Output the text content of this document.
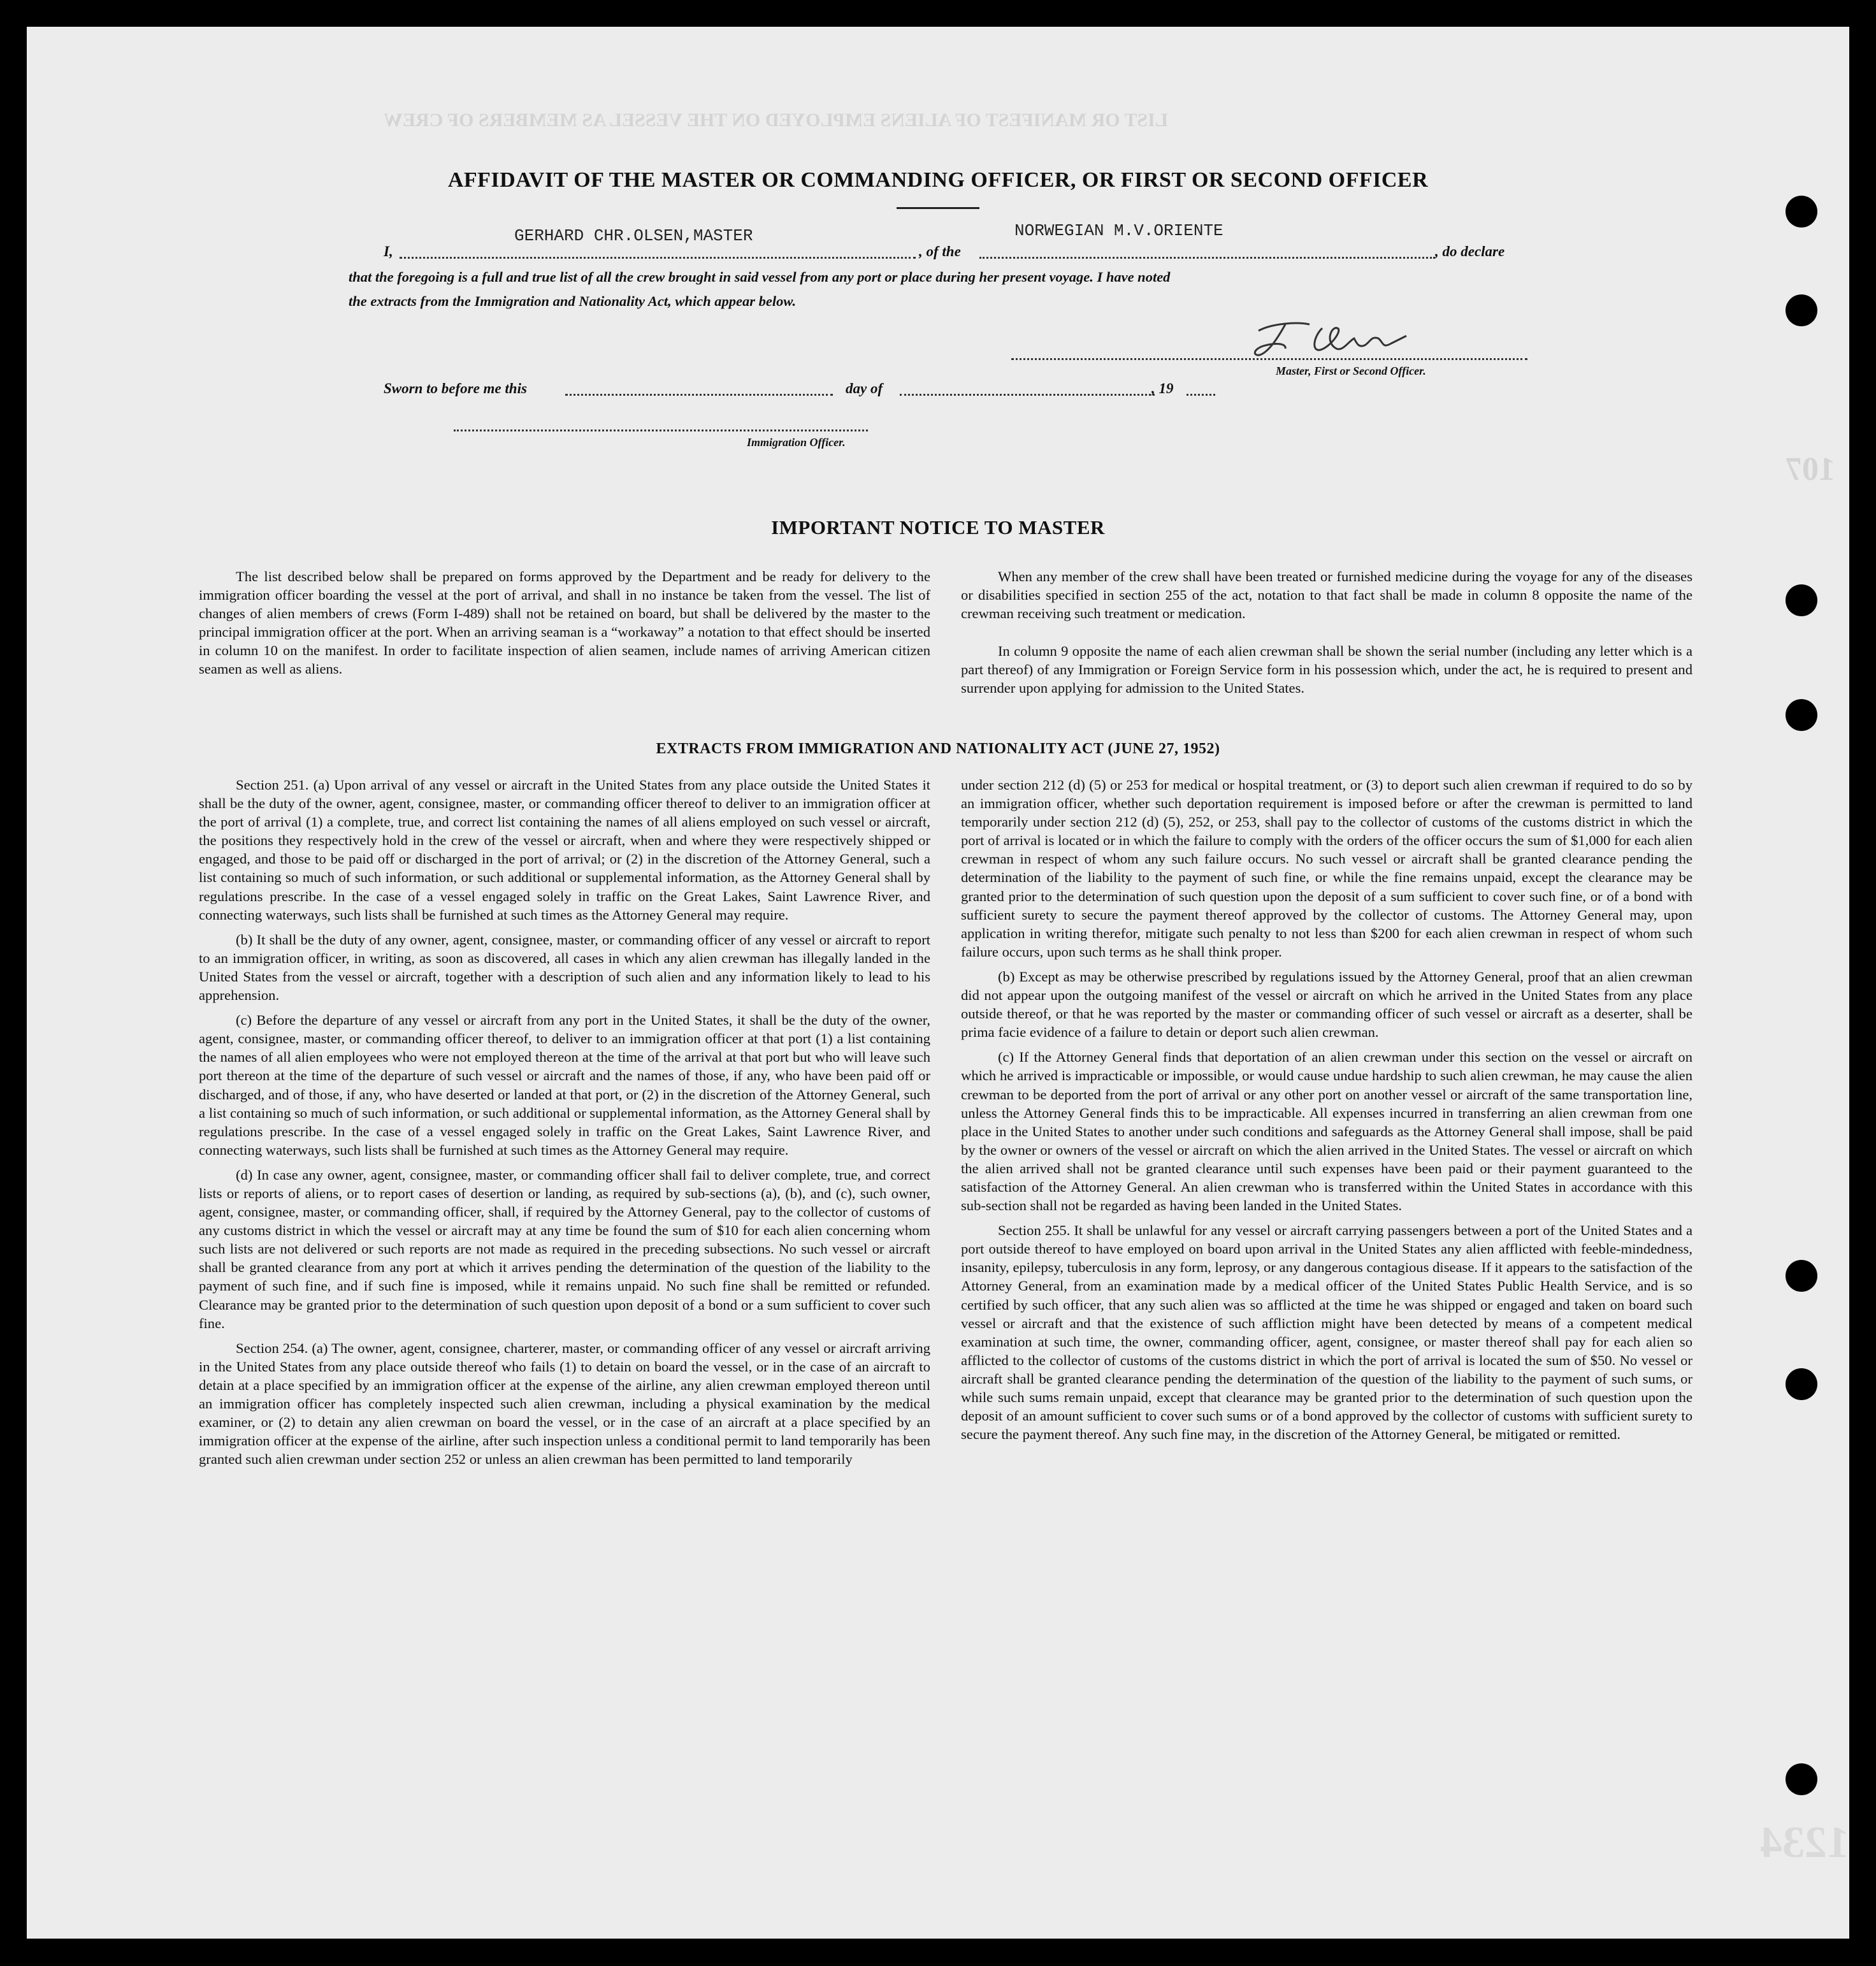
LIST OR MANIFEST OF ALIENS EMPLOYED ON THE VESSEL AS MEMBERS OF CREW
107
1234
AFFIDAVIT OF THE MASTER OR COMMANDING OFFICER, OR FIRST OR SECOND OFFICER
I,
GERHARD CHR.OLSEN,MASTER
, of the
NORWEGIAN M.V.ORIENTE
, do declare
that the foregoing is a full and true list of all the crew brought in said vessel from any port or place during her present voyage. I have noted
the extracts from the Immigration and Nationality Act, which appear below.
Master, First or Second Officer.
Sworn to before me this	day of	, 19
Immigration Officer.
IMPORTANT NOTICE TO MASTER

The list described below shall be prepared on forms approved by the Department and be ready for delivery to the immigration officer boarding the vessel at the port of arrival, and shall in no instance be taken from the vessel. The list of changes of alien members of crews (Form I-489) shall not be retained on board, but shall be delivered by the master to the principal immigration officer at the port. When an arriving seaman is a “workaway” a notation to that effect should be inserted in column 10 on the manifest. In order to facilitate inspection of alien seamen, include names of arriving American citizen seamen as well as aliens.

When any member of the crew shall have been treated or furnished medicine during the voyage for any of the diseases or disabilities specified in section 255 of the act, notation to that fact shall be made in column 8 opposite the name of the crewman receiving such treatment or medication.

In column 9 opposite the name of each alien crewman shall be shown the serial number (including any letter which is a part thereof) of any Immigration or Foreign Service form in his possession which, under the act, he is required to present and surrender upon applying for admission to the United States.

EXTRACTS FROM IMMIGRATION AND NATIONALITY ACT (JUNE 27, 1952)

Section 251. (a) Upon arrival of any vessel or aircraft in the United States from any place outside the United States it shall be the duty of the owner, agent, consignee, master, or commanding officer thereof to deliver to an immigration officer at the port of arrival (1) a complete, true, and correct list containing the names of all aliens employed on such vessel or aircraft, the positions they respectively hold in the crew of the vessel or aircraft, when and where they were respectively shipped or engaged, and those to be paid off or discharged in the port of arrival; or (2) in the discretion of the Attorney General, such a list containing so much of such information, or such additional or supplemental information, as the Attorney General shall by regulations prescribe. In the case of a vessel engaged solely in traffic on the Great Lakes, Saint Lawrence River, and connecting waterways, such lists shall be furnished at such times as the Attorney General may require.

(b) It shall be the duty of any owner, agent, consignee, master, or commanding officer of any vessel or aircraft to report to an immigration officer, in writing, as soon as discovered, all cases in which any alien crewman has illegally landed in the United States from the vessel or aircraft, together with a description of such alien and any information likely to lead to his apprehension.

(c) Before the departure of any vessel or aircraft from any port in the United States, it shall be the duty of the owner, agent, consignee, master, or commanding officer thereof, to deliver to an immigration officer at that port (1) a list containing the names of all alien employees who were not employed thereon at the time of the arrival at that port but who will leave such port thereon at the time of the departure of such vessel or aircraft and the names of those, if any, who have been paid off or discharged, and of those, if any, who have deserted or landed at that port, or (2) in the discretion of the Attorney General, such a list containing so much of such information, or such additional or supplemental information, as the Attorney General shall by regulations prescribe. In the case of a vessel engaged solely in traffic on the Great Lakes, Saint Lawrence River, and connecting waterways, such lists shall be furnished at such times as the Attorney General may require.

(d) In case any owner, agent, consignee, master, or commanding officer shall fail to deliver complete, true, and correct lists or reports of aliens, or to report cases of desertion or landing, as required by sub-sections (a), (b), and (c), such owner, agent, consignee, master, or commanding officer, shall, if required by the Attorney General, pay to the collector of customs of any customs district in which the vessel or aircraft may at any time be found the sum of $10 for each alien concerning whom such lists are not delivered or such reports are not made as required in the preceding subsections. No such vessel or aircraft shall be granted clearance from any port at which it arrives pending the determination of the question of the liability to the payment of such fine, and if such fine is imposed, while it remains unpaid. No such fine shall be remitted or refunded. Clearance may be granted prior to the determination of such question upon deposit of a bond or a sum sufficient to cover such fine.

Section 254. (a) The owner, agent, consignee, charterer, master, or commanding officer of any vessel or aircraft arriving in the United States from any place outside thereof who fails (1) to detain on board the vessel, or in the case of an aircraft to detain at a place specified by an immigration officer at the expense of the airline, any alien crewman employed thereon until an immigration officer has completely inspected such alien crewman, including a physical examination by the medical examiner, or (2) to detain any alien crewman on board the vessel, or in the case of an aircraft at a place specified by an immigration officer at the expense of the airline, after such inspection unless a conditional permit to land temporarily has been granted such alien crewman under section 252 or unless an alien crewman has been permitted to land temporarily

under section 212 (d) (5) or 253 for medical or hospital treatment, or (3) to deport such alien crewman if required to do so by an immigration officer, whether such deportation requirement is imposed before or after the crewman is permitted to land temporarily under section 212 (d) (5), 252, or 253, shall pay to the collector of customs of the customs district in which the port of arrival is located or in which the failure to comply with the orders of the officer occurs the sum of $1,000 for each alien crewman in respect of whom any such failure occurs. No such vessel or aircraft shall be granted clearance pending the determination of the liability to the payment of such fine, or while the fine remains unpaid, except the clearance may be granted prior to the determination of such question upon the deposit of a sum sufficient to cover such fine, or of a bond with sufficient surety to secure the payment thereof approved by the collector of customs. The Attorney General may, upon application in writing therefor, mitigate such penalty to not less than $200 for each alien crewman in respect of whom such failure occurs, upon such terms as he shall think proper.

(b) Except as may be otherwise prescribed by regulations issued by the Attorney General, proof that an alien crewman did not appear upon the outgoing manifest of the vessel or aircraft on which he arrived in the United States from any place outside thereof, or that he was reported by the master or commanding officer of such vessel or aircraft as a deserter, shall be prima facie evidence of a failure to detain or deport such alien crewman.

(c) If the Attorney General finds that deportation of an alien crewman under this section on the vessel or aircraft on which he arrived is impracticable or impossible, or would cause undue hardship to such alien crewman, he may cause the alien crewman to be deported from the port of arrival or any other port on another vessel or aircraft of the same transportation line, unless the Attorney General finds this to be impracticable. All expenses incurred in transferring an alien crewman from one place in the United States to another under such conditions and safeguards as the Attorney General shall impose, shall be paid by the owner or owners of the vessel or aircraft on which the alien arrived in the United States. The vessel or aircraft on which the alien arrived shall not be granted clearance until such expenses have been paid or their payment guaranteed to the satisfaction of the Attorney General. An alien crewman who is transferred within the United States in accordance with this sub-section shall not be regarded as having been landed in the United States.

Section 255. It shall be unlawful for any vessel or aircraft carrying passengers between a port of the United States and a port outside thereof to have employed on board upon arrival in the United States any alien afflicted with feeble-mindedness, insanity, epilepsy, tuberculosis in any form, leprosy, or any dangerous contagious disease. If it appears to the satisfaction of the Attorney General, from an examination made by a medical officer of the United States Public Health Service, and is so certified by such officer, that any such alien was so afflicted at the time he was shipped or engaged and taken on board such vessel or aircraft and that the existence of such affliction might have been detected by means of a competent medical examination at such time, the owner, commanding officer, agent, consignee, or master thereof shall pay for each alien so afflicted to the collector of customs of the customs district in which the port of arrival is located the sum of $50. No vessel or aircraft shall be granted clearance pending the determination of the question of the liability to the payment of such sums, or while such sums remain unpaid, except that clearance may be granted prior to the determination of such question upon the deposit of an amount sufficient to cover such sums or of a bond approved by the collector of customs with sufficient surety to secure the payment thereof. Any such fine may, in the discretion of the Attorney General, be mitigated or remitted.
